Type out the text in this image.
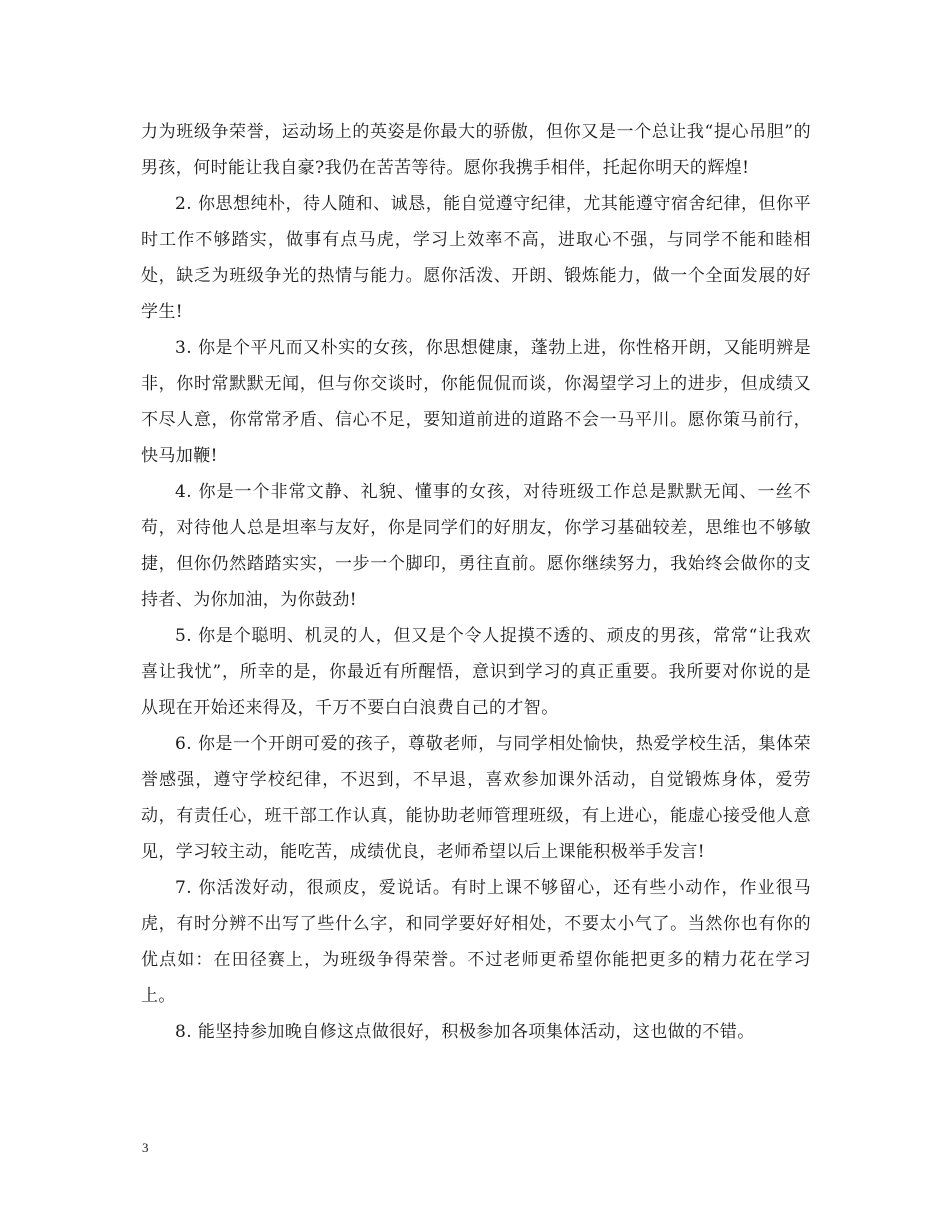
力为班级争荣誉，运动场上的英姿是你最大的骄傲，但你又是一个总让我“提心吊胆”的男孩，何时能让我自豪?我仍在苦苦等待。愿你我携手相伴，托起你明天的辉煌!

2. 你思想纯朴，待人随和、诚恳，能自觉遵守纪律，尤其能遵守宿舍纪律，但你平时工作不够踏实，做事有点马虎，学习上效率不高，进取心不强，与同学不能和睦相处，缺乏为班级争光的热情与能力。愿你活泼、开朗、锻炼能力，做一个全面发展的好学生!

3. 你是个平凡而又朴实的女孩，你思想健康，蓬勃上进，你性格开朗，又能明辨是非，你时常默默无闻，但与你交谈时，你能侃侃而谈，你渴望学习上的进步，但成绩又不尽人意，你常常矛盾、信心不足，要知道前进的道路不会一马平川。愿你策马前行，快马加鞭!

4. 你是一个非常文静、礼貌、懂事的女孩，对待班级工作总是默默无闻、一丝不苟，对待他人总是坦率与友好，你是同学们的好朋友，你学习基础较差，思维也不够敏捷，但你仍然踏踏实实，一步一个脚印，勇往直前。愿你继续努力，我始终会做你的支持者、为你加油，为你鼓劲!

5. 你是个聪明、机灵的人，但又是个令人捉摸不透的、顽皮的男孩，常常“让我欢喜让我忧”，所幸的是，你最近有所醒悟，意识到学习的真正重要。我所要对你说的是从现在开始还来得及，千万不要白白浪费自己的才智。

6. 你是一个开朗可爱的孩子，尊敬老师，与同学相处愉快，热爱学校生活，集体荣誉感强，遵守学校纪律，不迟到，不早退，喜欢参加课外活动，自觉锻炼身体，爱劳动，有责任心，班干部工作认真，能协助老师管理班级，有上进心，能虚心接受他人意见，学习较主动，能吃苦，成绩优良，老师希望以后上课能积极举手发言!

7. 你活泼好动，很顽皮，爱说话。有时上课不够留心，还有些小动作，作业很马虎，有时分辨不出写了些什么字，和同学要好好相处，不要太小气了。当然你也有你的优点如：在田径赛上，为班级争得荣誉。不过老师更希望你能把更多的精力花在学习上。

8. 能坚持参加晚自修这点做很好，积极参加各项集体活动，这也做的不错。

3
